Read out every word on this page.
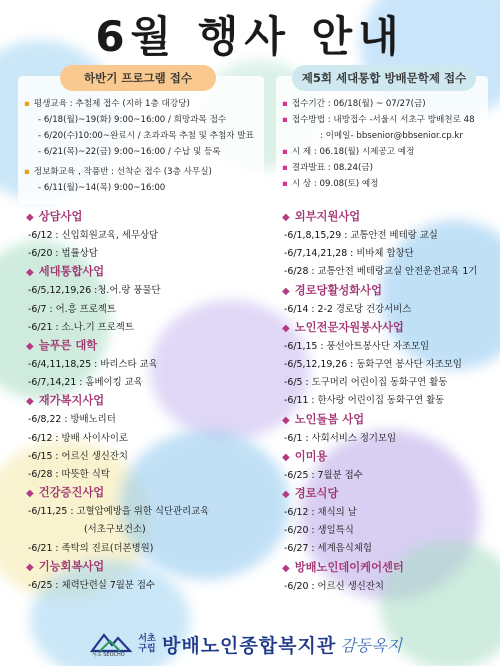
6월 행사 안내
하반기 프로그램 접수
▪ 평생교육 : 추첨제 접수 (지하 1층 대강당)
- 6/18(월)~19(화) 9:00~16:00 / 희망과목 접수
- 6/20(수)10:00~완료시 / 초과과목 추첨 및 추첨자 발표
- 6/21(목)~22(금) 9:00~16:00 / 수납 및 등록
▪ 정보화교육 , 작품반 : 선착순 접수 (3층 사무실)
- 6/11(월)~14(목) 9:00~16:00
제5회 세대통합 방배문학제 접수
▪ 접수기간 : 06/18(월) ~ 07/27(금)
▪ 접수방법 : 내방접수 -서울시 서초구 방배천로 48
: 이메일- bbsenior@bbsenior.cp.kr
▪ 시 제 : 06.18(월) 시제공고 예정
▪ 결과발표 : 08.24(금)
▪ 시 상 : 09.08(토) 예정
◆ 상담사업
-6/12 : 신입회원교육, 세무상담
-6/20 : 법률상담
◆ 세대통합사업
-6/5,12,19,26 :청.어.랑 풍물단
-6/7 : 어.흥 프로젝트
-6/21 : 소.나.기 프로젝트
◆ 늘푸른 대학
-6/4,11,18,25 : 바리스타 교육
-6/7,14,21 : 홈베이킹 교육
◆ 재가복지사업
-6/8,22 : 방배노리터
-6/12 : 방배 사이사이로
-6/15 : 어르신 생신잔치
-6/28 : 따뜻한 식탁
◆ 건강증진사업
-6/11,25 : 고혈압예방을 위한 식단관리교육
(서초구보건소)
-6/21 : 족탁의 진료(더본병원)
◆ 기능회복사업
-6/25 : 체력단련실 7월분 접수
◆ 외부지원사업
-6/1,8,15,29 : 교통안전 베테랑 교실
-6/7,14,21,28 : 비바체 합창단
-6/28 : 교통안전 베테랑교실 안전운전교육 1기
◆ 경로당활성화사업
-6/14 : 2-2 경로당 건강서비스
◆ 노인전문자원봉사사업
-6/1,15 : 풍선아트봉사단 자조모임
-6/5,12,19,26 : 동화구연 봉사단 자조모임
-6/5 : 도구머리 어린이집 동화구연 활동
-6/11 : 한사랑 어린이집 동화구연 활동
◆ 노인돌봄 사업
-6/1 : 사회서비스 정기모임
◆ 이미용
-6/25 : 7월분 접수
◆ 경로식당
-6/12 : 채식의 날
-6/20 : 생일특식
-6/27 : 세계음식체험
◆ 방배노인데이케어센터
-6/20 : 어르신 생신잔치
서초 SEOCHO
서초구립 방배노인종합복지관 감동옥지
